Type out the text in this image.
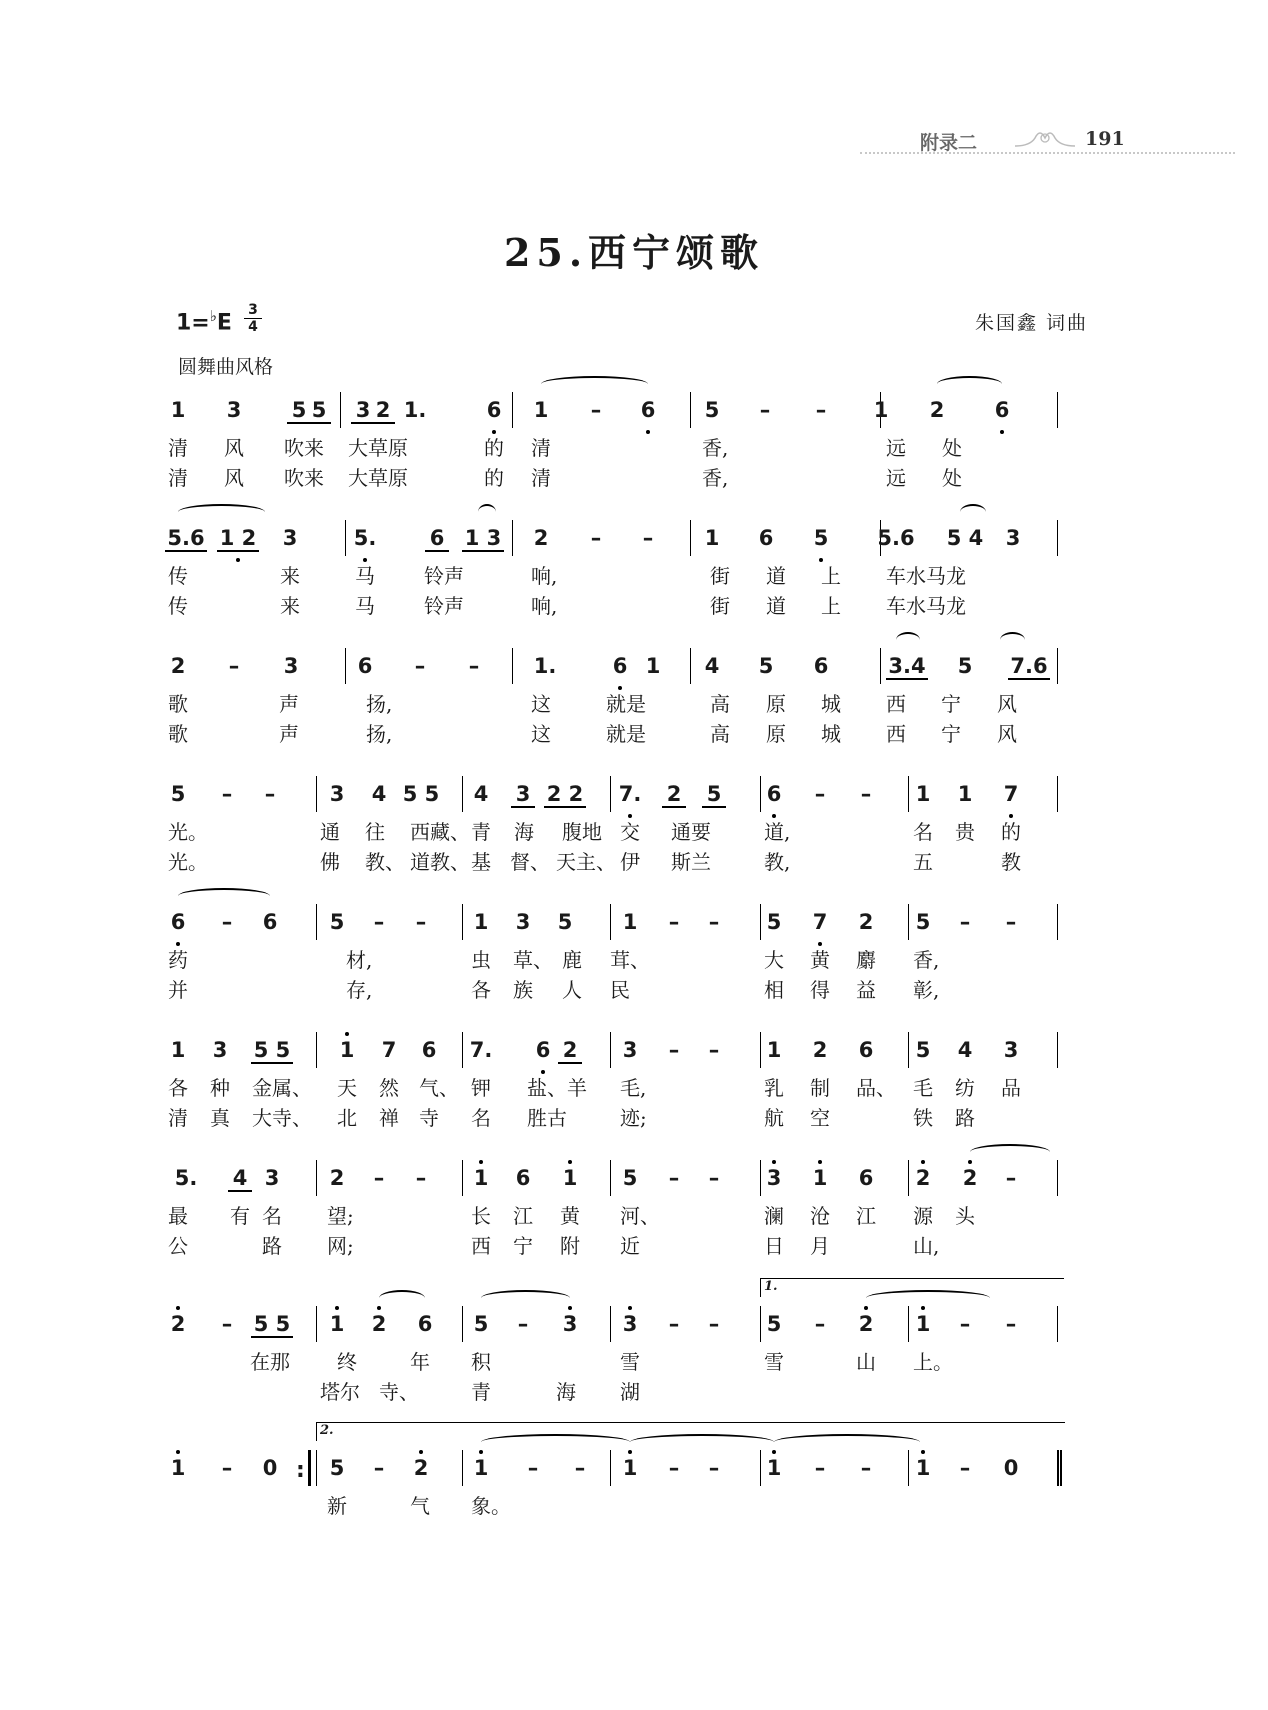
附录二	191
25.西宁颂歌
1=♭E
3
4
圆舞曲风格
朱国鑫 词曲
1 3 5 5 3 2 1.	6 1	–	6 5	–	–	1 2 6
清 风 吹来 大草原	的 清	香,	远 处
清 风 吹来 大草原	的 清	香,	远 处
5.6 1 2 3	5.	6 1 3 2	–	–	1 6 5 5.6 5 4 3
传	来	马 铃声	响,	街 道 上 车水马龙
传	来	马 铃声	响,	街 道 上 车水马龙
2	–	3	6	–	–	1.	6 1 4 5 6	3.4 5 7.6
歌	声	扬,	这	就是	高 原 城 西 宁 风
歌	声	扬,	这	就是	高 原 城 西 宁 风
5	–	–	3 4 5 5 4 3 2 2 7. 2 5 6	–	–	1 1 7
光。	通 往 西藏、 青 海 腹地 交 通要	道,	名 贵 的
光。	佛 教、 道教、 基 督、 天主、 伊 斯兰	教,	五	教
6	–	6 5	–	–	1 3 5 1	–	–	5 7 2 5	–	–
药	材,	虫 草、 鹿 茸、	大 黄 麝 香,
并	存,	各 族 人 民	相 得 益 彰,
1 3 5 5 1 7 6 7. 6 2 3	–	–	1 2 6 5 4 3
各 种 金属、 天 然 气、 钾 盐、羊 毛,	乳 制 品、 毛 纺 品
清 真 大寺、 北 禅 寺 名 胜古	迹;	航 空	铁 路
5. 4 3 2	–	–	1 6 1 5	–	–	3 1 6 2 2	–
最 有 名 望;	长 江 黄 河、	澜 沧 江 源 头
公	路 网;	西 宁 附 近	日 月	山,
2	–	5 5 1 2 6 5	–	3 3	–	–	5	–	2 1	–	–
在那 终	年 积	雪	雪	山 上。
塔尔 寺、	青	海 湖
1.
1	–	0 5	–	2 1	–	–	1	–	–	1	–	–	1	–	0
新	气 象。
2.
:
